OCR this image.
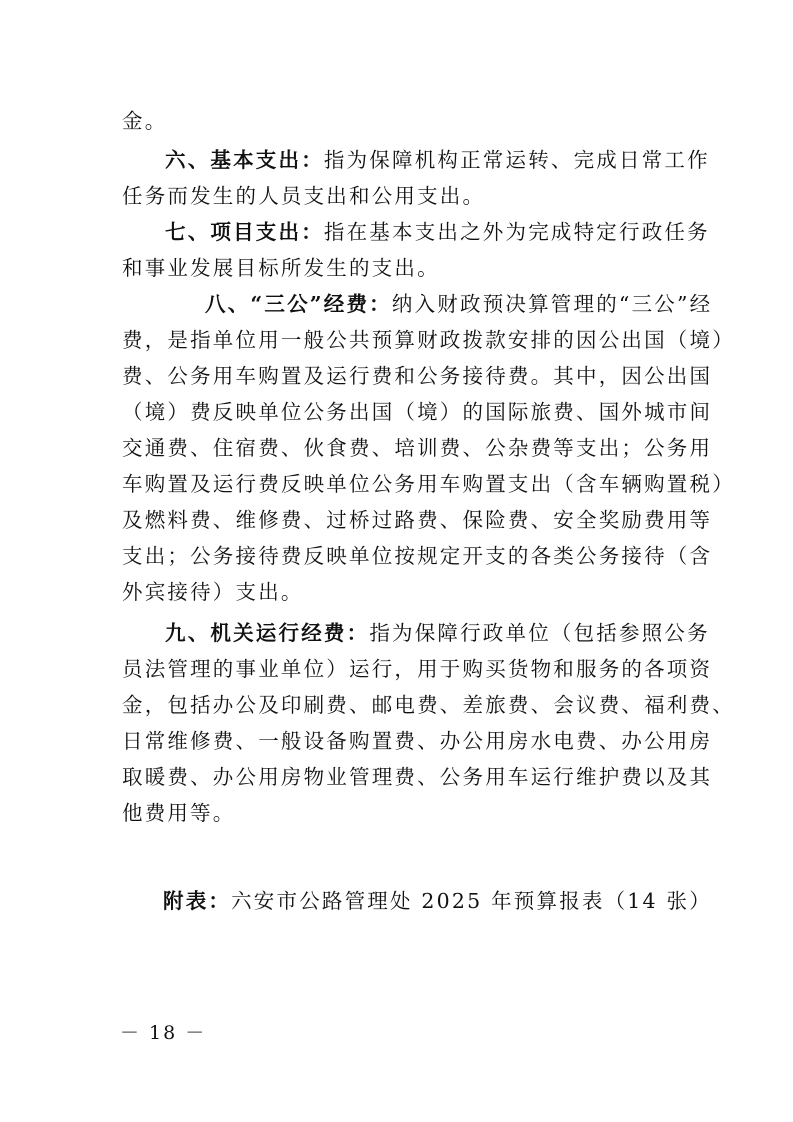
金。
六、基本支出：指为保障机构正常运转、完成日常工作
任务而发生的人员支出和公用支出。
七、项目支出：指在基本支出之外为完成特定行政任务
和事业发展目标所发生的支出。
八、“三公”经费：纳入财政预决算管理的“三公”经
费，是指单位用一般公共预算财政拨款安排的因公出国（境）
费、公务用车购置及运行费和公务接待费。其中，因公出国
（境）费反映单位公务出国（境）的国际旅费、国外城市间
交通费、住宿费、伙食费、培训费、公杂费等支出；公务用
车购置及运行费反映单位公务用车购置支出（含车辆购置税）
及燃料费、维修费、过桥过路费、保险费、安全奖励费用等
支出；公务接待费反映单位按规定开支的各类公务接待（含
外宾接待）支出。
九、机关运行经费：指为保障行政单位（包括参照公务
员法管理的事业单位）运行，用于购买货物和服务的各项资
金，包括办公及印刷费、邮电费、差旅费、会议费、福利费、
日常维修费、一般设备购置费、办公用房水电费、办公用房
取暖费、办公用房物业管理费、公务用车运行维护费以及其
他费用等。
附表：六安市公路管理处 2025 年预算报表（14 张）
－ 18 －
